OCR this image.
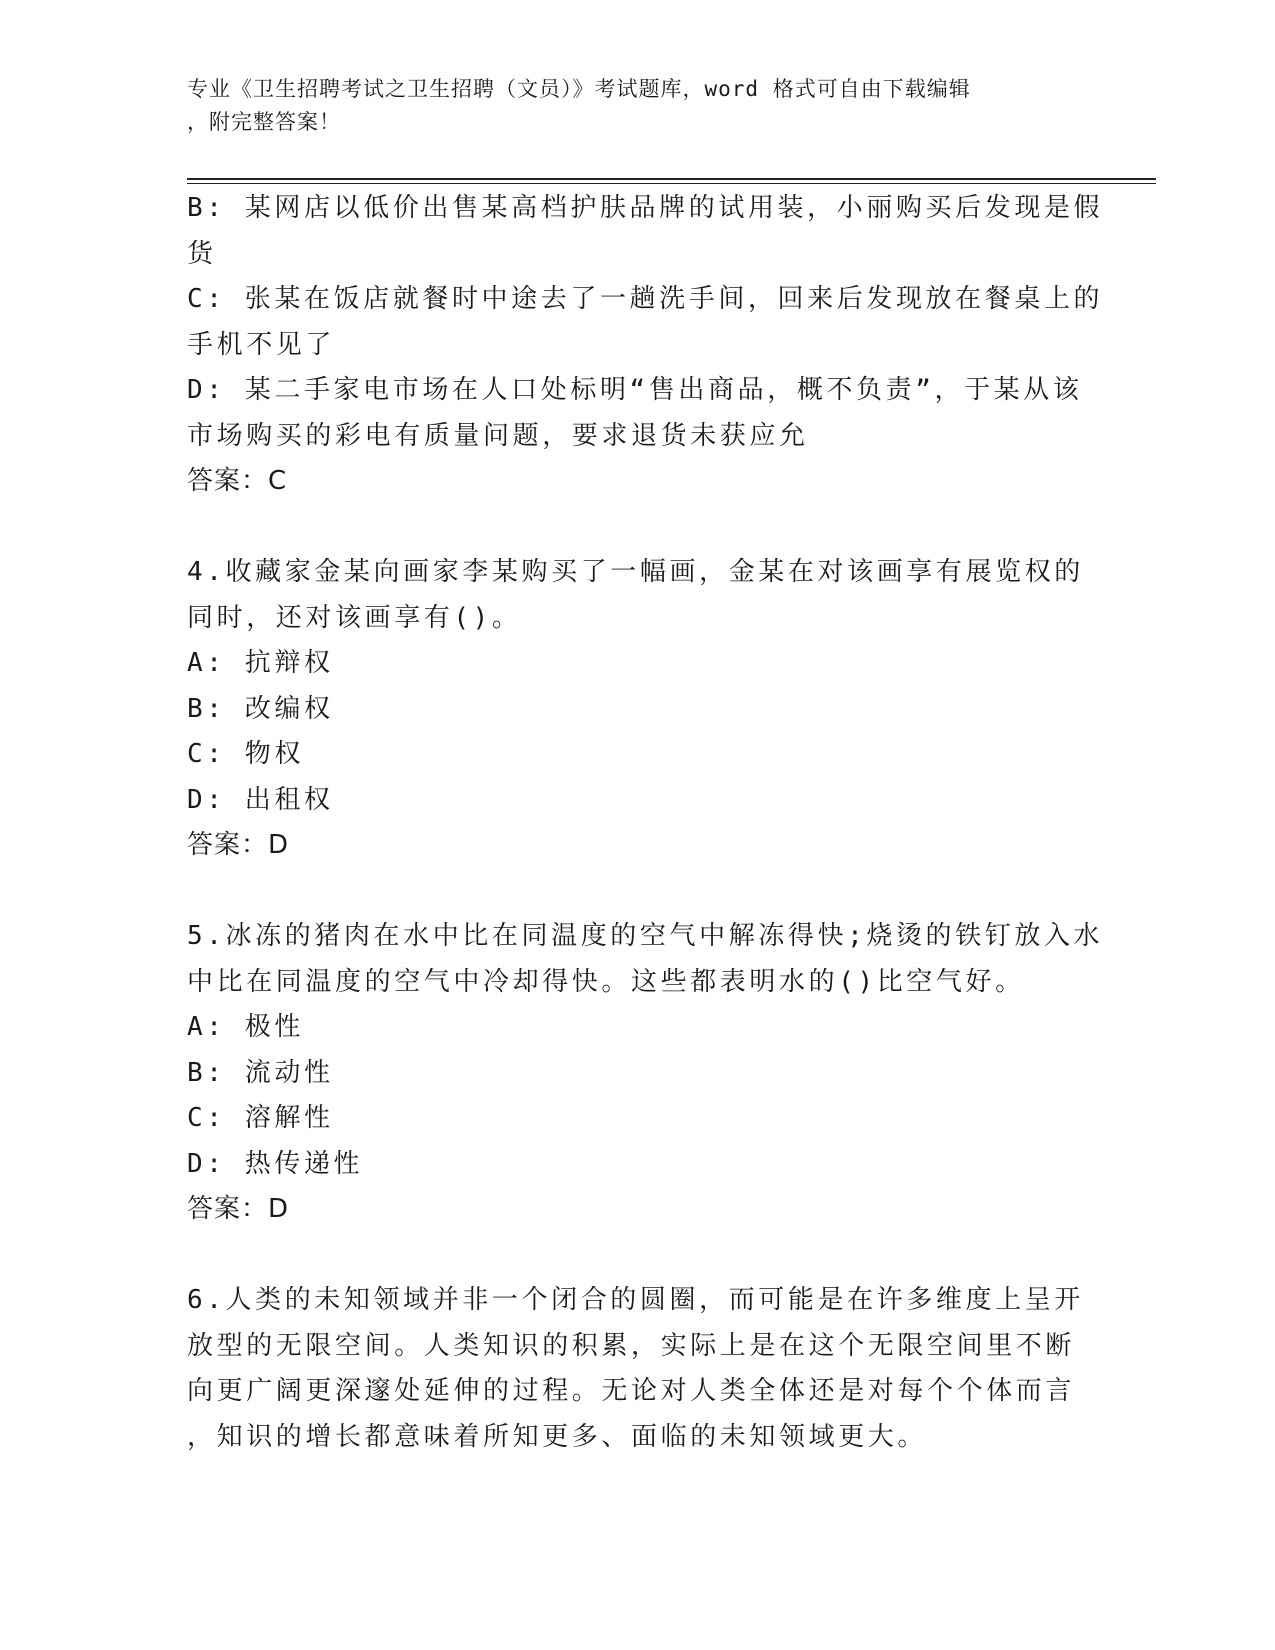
专业《卫生招聘考试之卫生招聘（文员）》考试题库，word 格式可自由下载编辑
，附完整答案！
B: 某网店以低价出售某高档护肤品牌的试用装，小丽购买后发现是假
货
C: 张某在饭店就餐时中途去了一趟洗手间，回来后发现放在餐桌上的
手机不见了
D: 某二手家电市场在人口处标明“售出商品，概不负责”，于某从该
市场购买的彩电有质量问题，要求退货未获应允
答案：C
4.收藏家金某向画家李某购买了一幅画，金某在对该画享有展览权的
同时，还对该画享有()。
A: 抗辩权
B: 改编权
C: 物权
D: 出租权
答案：D
5.冰冻的猪肉在水中比在同温度的空气中解冻得快;烧烫的铁钉放入水
中比在同温度的空气中冷却得快。这些都表明水的()比空气好。
A: 极性
B: 流动性
C: 溶解性
D: 热传递性
答案：D
6.人类的未知领域并非一个闭合的圆圈，而可能是在许多维度上呈开
放型的无限空间。人类知识的积累，实际上是在这个无限空间里不断
向更广阔更深邃处延伸的过程。无论对人类全体还是对每个个体而言
，知识的增长都意味着所知更多、面临的未知领域更大。
